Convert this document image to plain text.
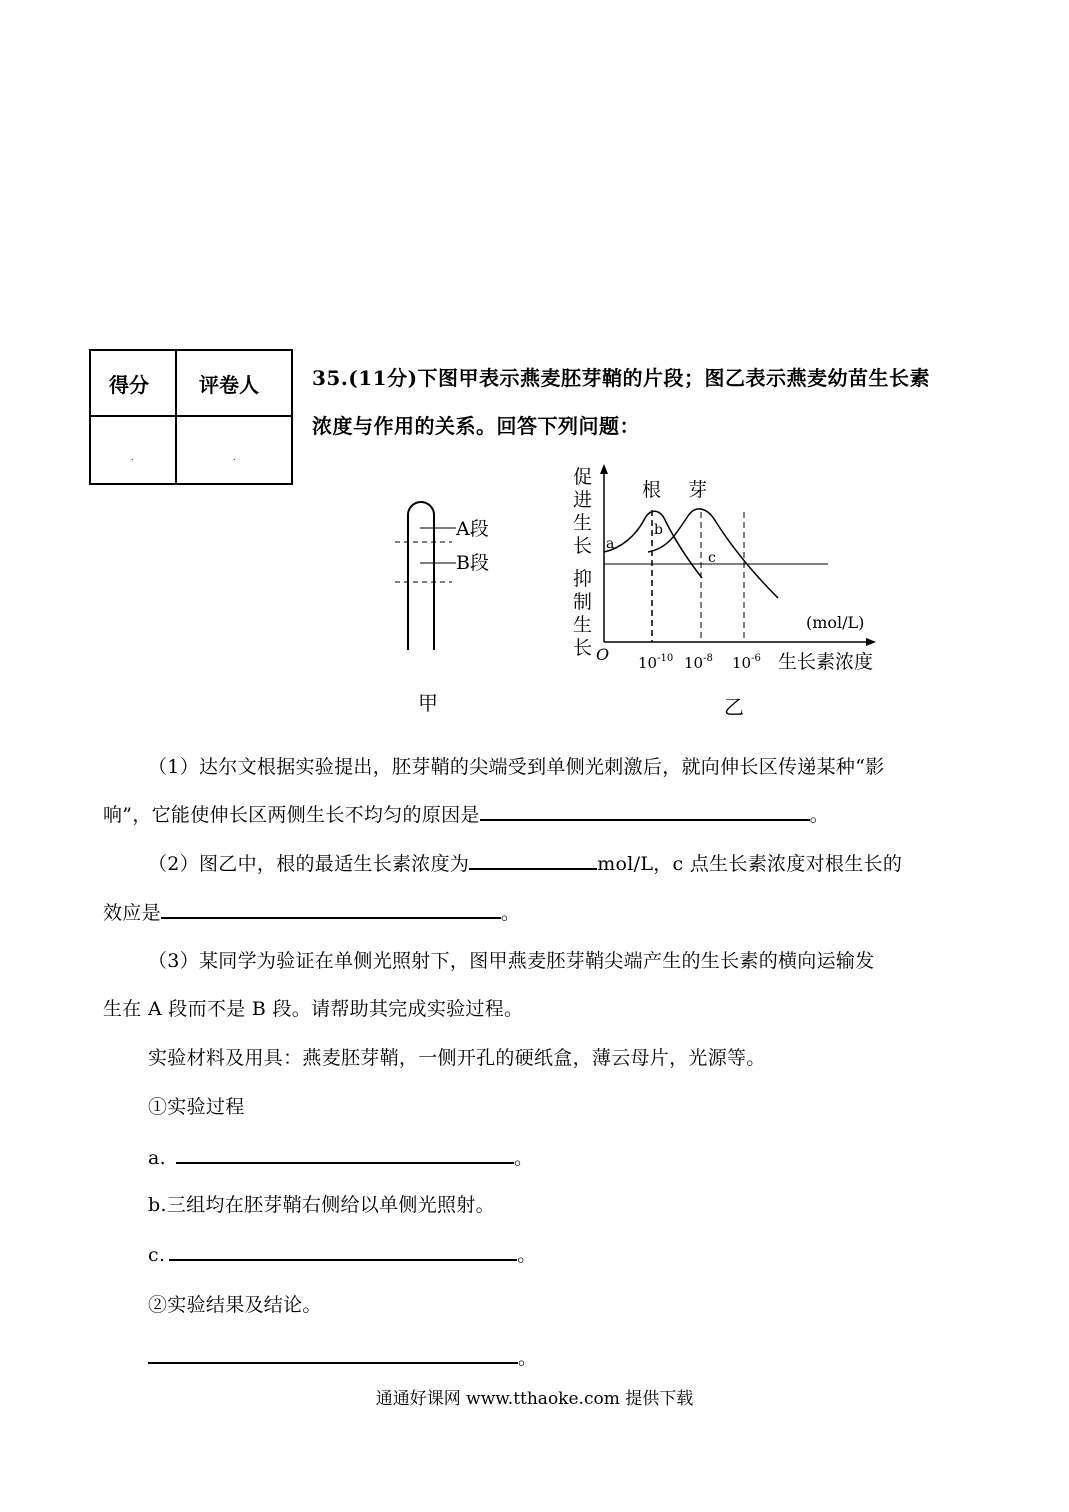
得分	评卷人
.	.
35.(11分)下图甲表示燕麦胚芽鞘的片段；图乙表示燕麦幼苗生长素
浓度与作用的关系。回答下列问题：
A段
B段
甲
根 芽
a
b
c
O
(mol/L)
$10^{-10}$ $10^{-8}$ $10^{-6}$ 生长素浓度
乙
促
进
生
长
抑
制
生
长
（1）达尔文根据实验提出，胚芽鞘的尖端受到单侧光刺激后，就向伸长区传递某种“影
响”，它能使伸长区两侧生长不均匀的原因是	。
（2）图乙中，根的最适生长素浓度为	mol/L，c 点生长素浓度对根生长的
效应是	。
（3）某同学为验证在单侧光照射下，图甲燕麦胚芽鞘尖端产生的生长素的横向运输发
生在 A 段而不是 B 段。请帮助其完成实验过程。
实验材料及用具：燕麦胚芽鞘，一侧开孔的硬纸盒，薄云母片，光源等。
①实验过程
a.	。
b.三组均在胚芽鞘右侧给以单侧光照射。
c.	。
②实验结果及结论。
。
通通好课网 www.tthaoke.com 提供下载
